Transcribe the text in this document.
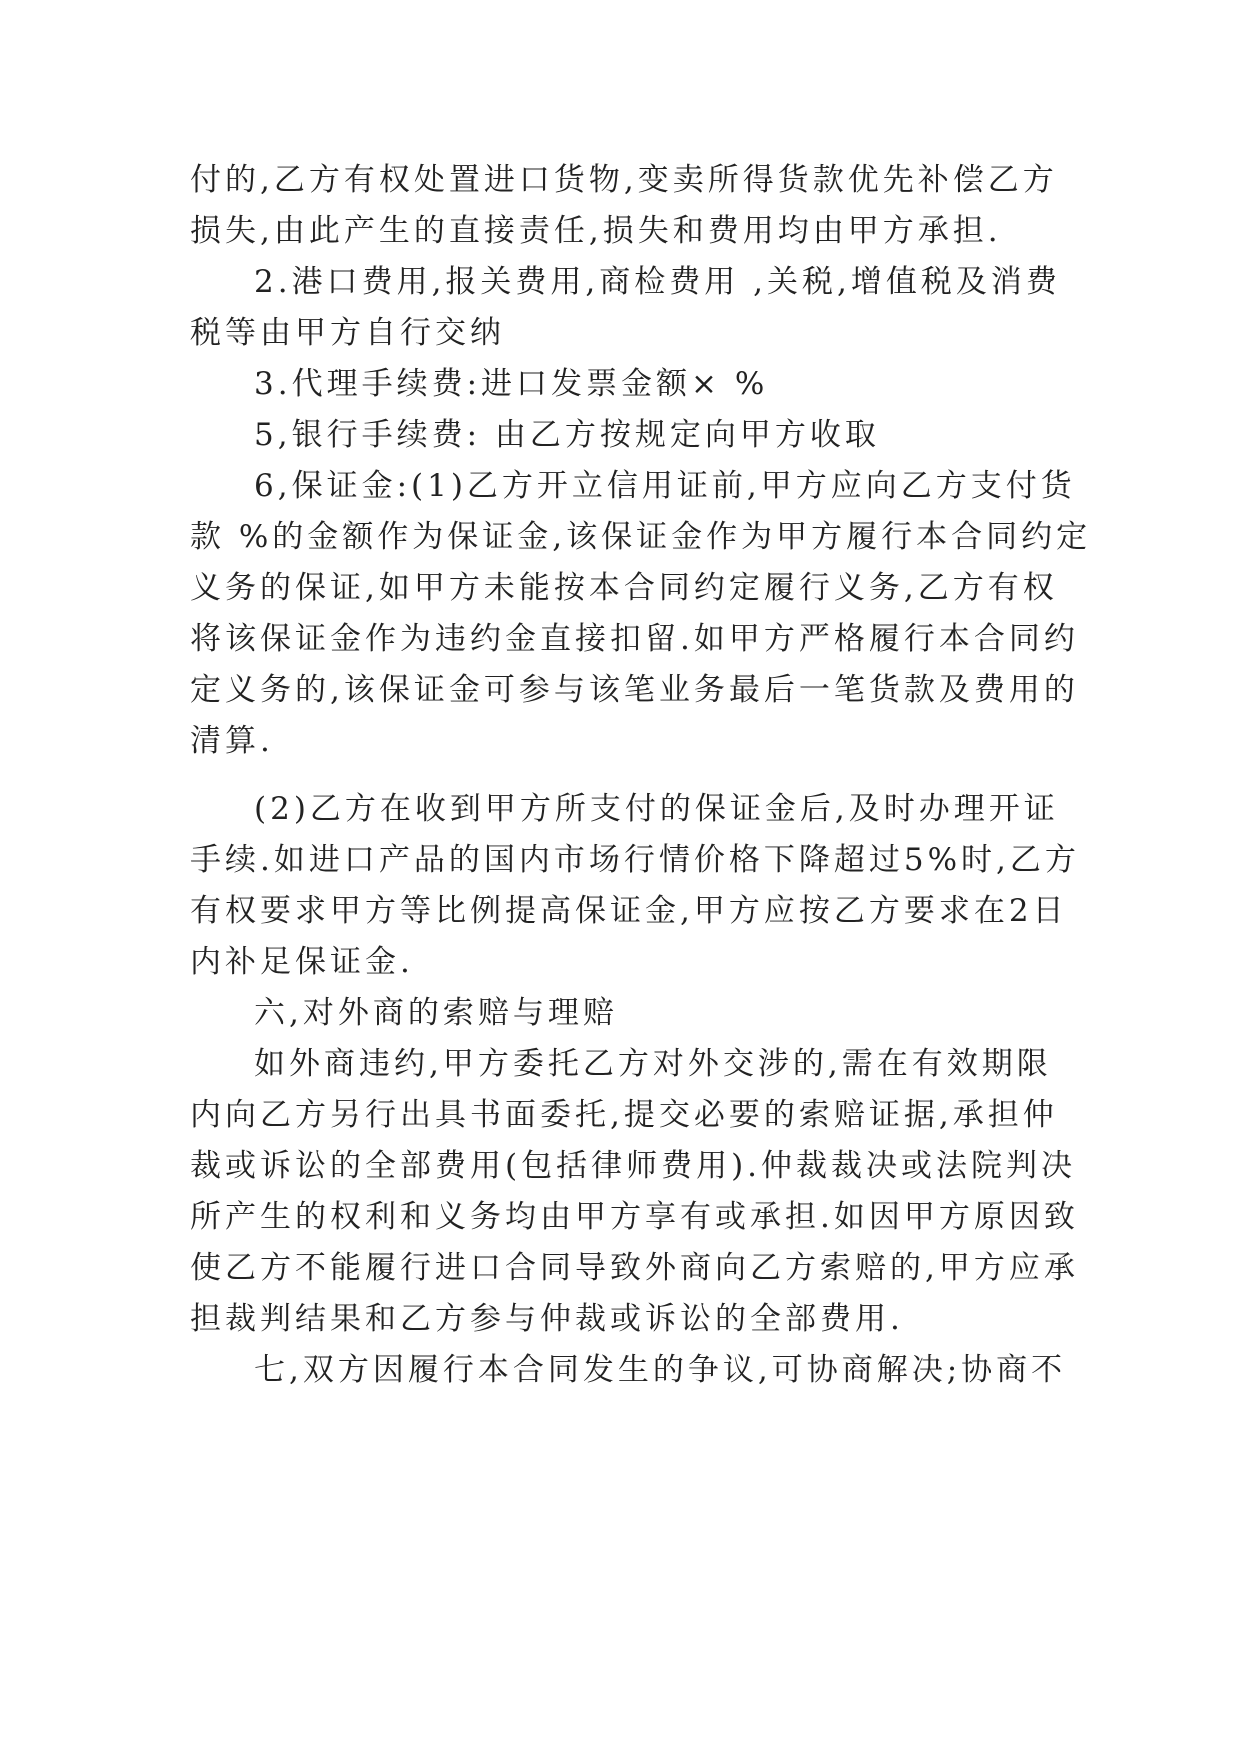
付的,乙方有权处置进口货物,变卖所得货款优先补偿乙方
损失,由此产生的直接责任,损失和费用均由甲方承担.
2.港口费用,报关费用,商检费用 ,关税,增值税及消费
税等由甲方自行交纳
3.代理手续费:进口发票金额× %
5,银行手续费: 由乙方按规定向甲方收取
6,保证金:(1)乙方开立信用证前,甲方应向乙方支付货
款 %的金额作为保证金,该保证金作为甲方履行本合同约定
义务的保证,如甲方未能按本合同约定履行义务,乙方有权
将该保证金作为违约金直接扣留.如甲方严格履行本合同约
定义务的,该保证金可参与该笔业务最后一笔货款及费用的
清算.
(2)乙方在收到甲方所支付的保证金后,及时办理开证
手续.如进口产品的国内市场行情价格下降超过5%时,乙方
有权要求甲方等比例提高保证金,甲方应按乙方要求在2日
内补足保证金.
六,对外商的索赔与理赔
如外商违约,甲方委托乙方对外交涉的,需在有效期限
内向乙方另行出具书面委托,提交必要的索赔证据,承担仲
裁或诉讼的全部费用(包括律师费用).仲裁裁决或法院判决
所产生的权利和义务均由甲方享有或承担.如因甲方原因致
使乙方不能履行进口合同导致外商向乙方索赔的,甲方应承
担裁判结果和乙方参与仲裁或诉讼的全部费用.
七,双方因履行本合同发生的争议,可协商解决;协商不
